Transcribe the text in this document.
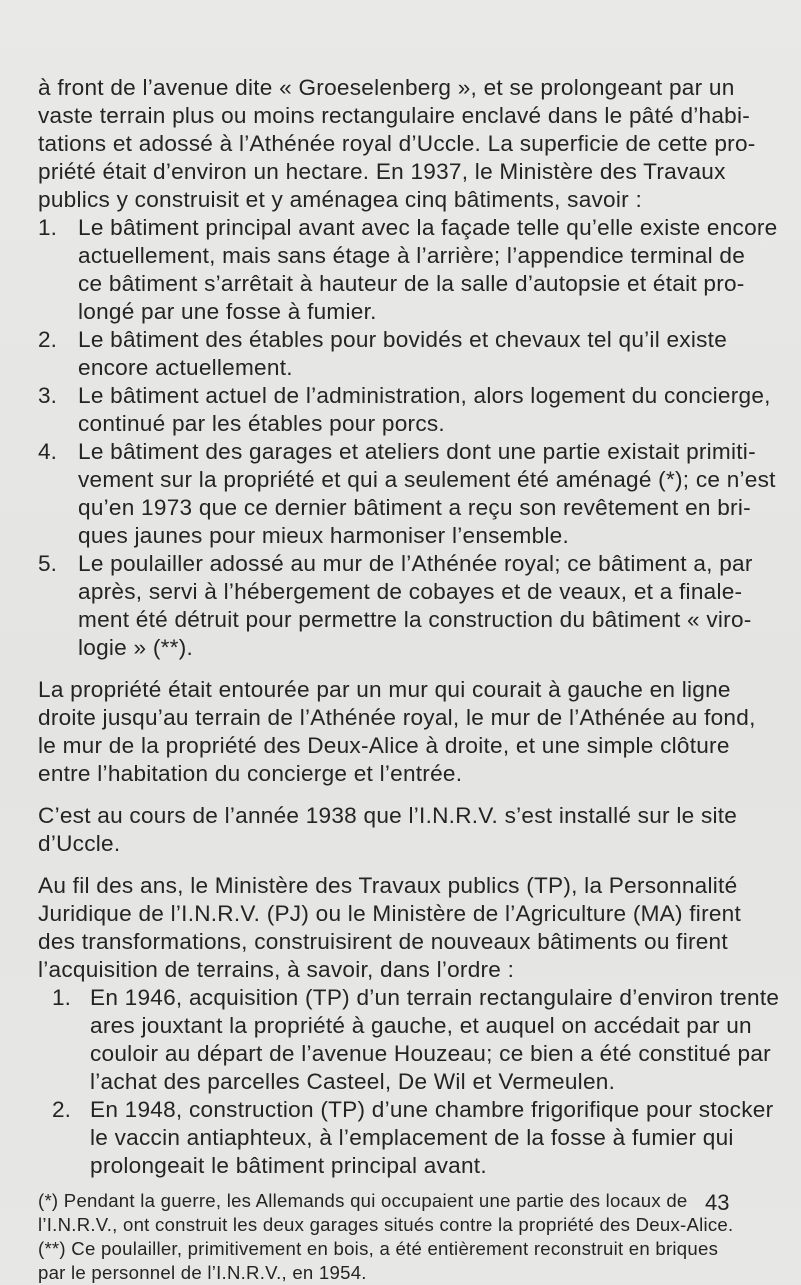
à front de l’avenue dite « Groeselenberg », et se prolongeant par un
vaste terrain plus ou moins rectangulaire enclavé dans le pâté d’habi-
tations et adossé à l’Athénée royal d’Uccle. La superficie de cette pro-
priété était d’environ un hectare. En 1937, le Ministère des Travaux
publics y construisit et y aménagea cinq bâtiments, savoir :
1. Le bâtiment principal avant avec la façade telle qu’elle existe encore
actuellement, mais sans étage à l’arrière; l’appendice terminal de
ce bâtiment s’arrêtait à hauteur de la salle d’autopsie et était pro-
longé par une fosse à fumier.
2. Le bâtiment des étables pour bovidés et chevaux tel qu’il existe
encore actuellement.
3. Le bâtiment actuel de l’administration, alors logement du concierge,
continué par les étables pour porcs.
4. Le bâtiment des garages et ateliers dont une partie existait primiti-
vement sur la propriété et qui a seulement été aménagé (*); ce n’est
qu’en 1973 que ce dernier bâtiment a reçu son revêtement en bri-
ques jaunes pour mieux harmoniser l’ensemble.
5. Le poulailler adossé au mur de l’Athénée royal; ce bâtiment a, par
après, servi à l’hébergement de cobayes et de veaux, et a finale-
ment été détruit pour permettre la construction du bâtiment « viro-
logie » (**).
La propriété était entourée par un mur qui courait à gauche en ligne
droite jusqu’au terrain de l’Athénée royal, le mur de l’Athénée au fond,
le mur de la propriété des Deux-Alice à droite, et une simple clôture
entre l’habitation du concierge et l’entrée.
C’est au cours de l’année 1938 que l’I.N.R.V. s’est installé sur le site
d’Uccle.
Au fil des ans, le Ministère des Travaux publics (TP), la Personnalité
Juridique de l’I.N.R.V. (PJ) ou le Ministère de l’Agriculture (MA) firent
des transformations, construisirent de nouveaux bâtiments ou firent
l’acquisition de terrains, à savoir, dans l’ordre :
1. En 1946, acquisition (TP) d’un terrain rectangulaire d’environ trente
ares jouxtant la propriété à gauche, et auquel on accédait par un
couloir au départ de l’avenue Houzeau; ce bien a été constitué par
l’achat des parcelles Casteel, De Wil et Vermeulen.
2. En 1948, construction (TP) d’une chambre frigorifique pour stocker
le vaccin antiaphteux, à l’emplacement de la fosse à fumier qui
prolongeait le bâtiment principal avant.
(*) Pendant la guerre, les Allemands qui occupaient une partie des locaux de
l’I.N.R.V., ont construit les deux garages situés contre la propriété des Deux-Alice.
(**) Ce poulailler, primitivement en bois, a été entièrement reconstruit en briques
par le personnel de l’I.N.R.V., en 1954.
43
